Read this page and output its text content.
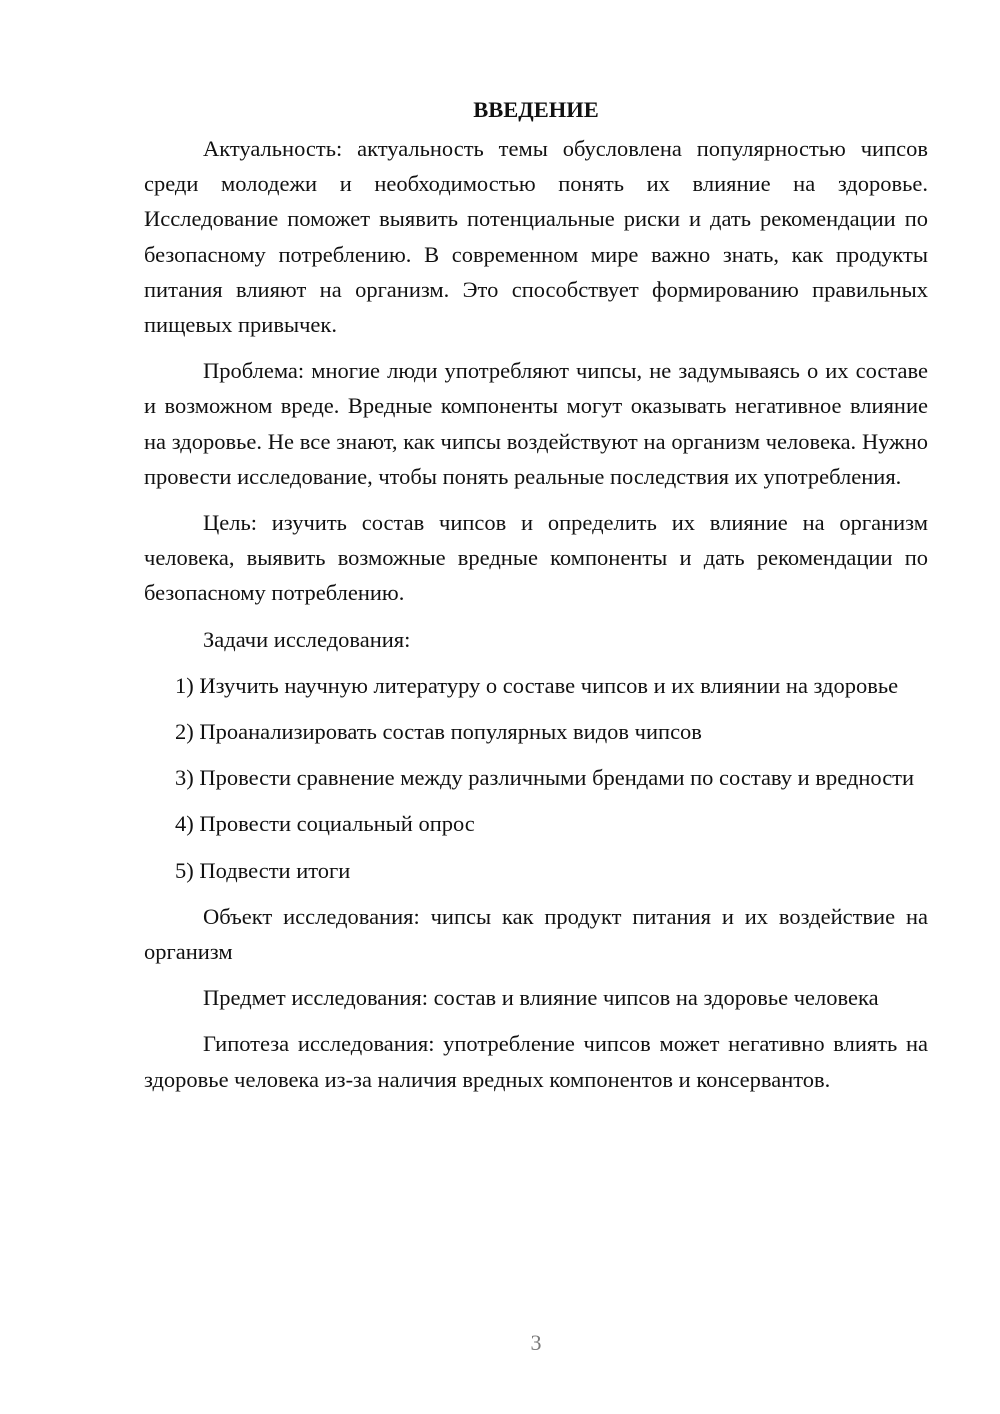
ВВЕДЕНИЕ

Актуальность: актуальность темы обусловлена популярностью чипсов среди молодежи и необходимостью понять их влияние на здоровье. Исследование поможет выявить потенциальные риски и дать рекомендации по безопасному потреблению. В современном мире важно знать, как продукты питания влияют на организм. Это способствует формированию правильных пищевых привычек.

Проблема: многие люди употребляют чипсы, не задумываясь о их составе и возможном вреде. Вредные компоненты могут оказывать негативное влияние на здоровье. Не все знают, как чипсы воздействуют на организм человека. Нужно провести исследование, чтобы понять реальные последствия их употребления.

Цель: изучить состав чипсов и определить их влияние на организм человека, выявить возможные вредные компоненты и дать рекомендации по безопасному потреблению.

Задачи исследования:

1) Изучить научную литературу о составе чипсов и их влиянии на здоровье

2) Проанализировать состав популярных видов чипсов

3) Провести сравнение между различными брендами по составу и вредности

4) Провести социальный опрос

5) Подвести итоги

Объект исследования: чипсы как продукт питания и их воздействие на организм

Предмет исследования: состав и влияние чипсов на здоровье человека

Гипотеза исследования: употребление чипсов может негативно влиять на здоровье человека из-за наличия вредных компонентов и консервантов.

3
